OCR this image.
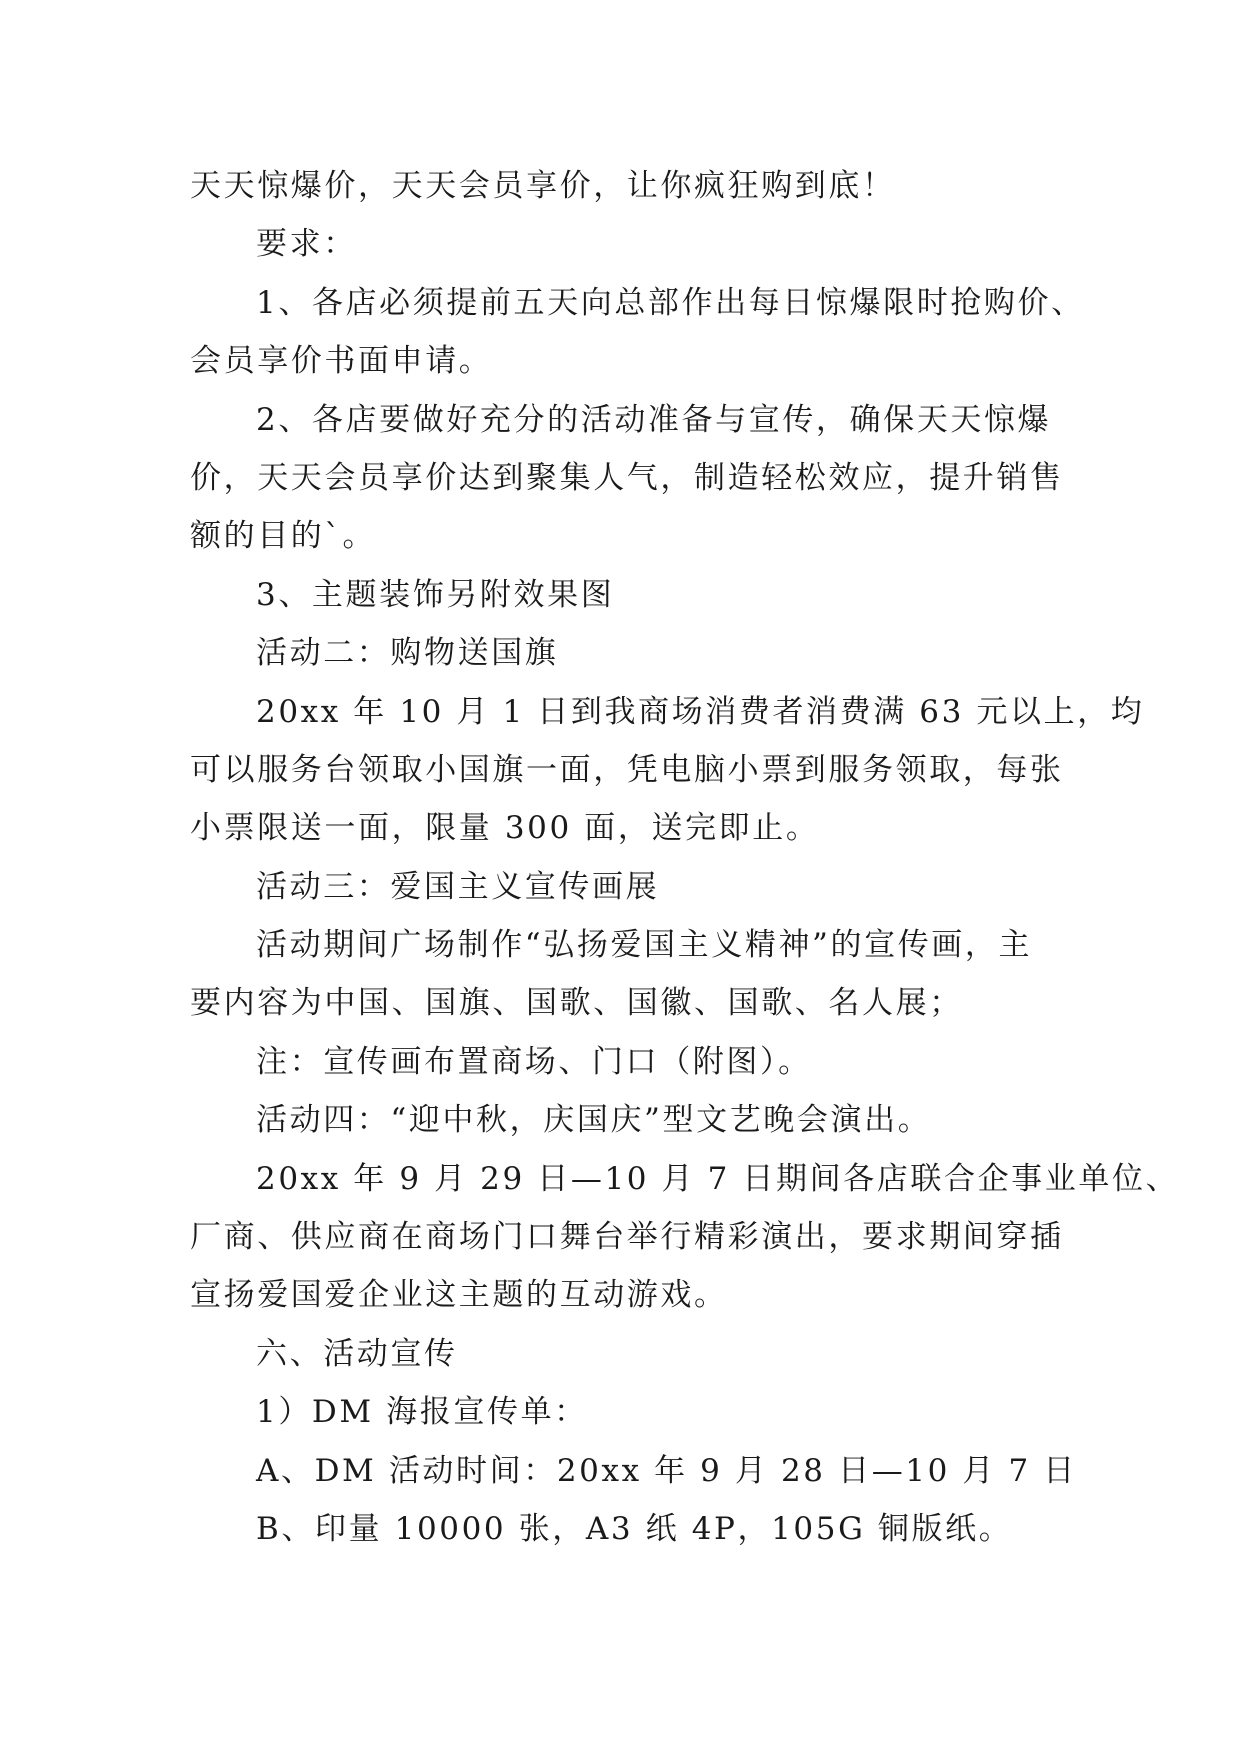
天天惊爆价，天天会员享价，让你疯狂购到底！
要求：
1、各店必须提前五天向总部作出每日惊爆限时抢购价、
会员享价书面申请。
2、各店要做好充分的活动准备与宣传，确保天天惊爆
价，天天会员享价达到聚集人气，制造轻松效应，提升销售
额的目的`。
3、主题装饰另附效果图
活动二：购物送国旗
20xx 年 10 月 1 日到我商场消费者消费满 63 元以上，均
可以服务台领取小国旗一面，凭电脑小票到服务领取，每张
小票限送一面，限量 300 面，送完即止。
活动三：爱国主义宣传画展
活动期间广场制作“弘扬爱国主义精神”的宣传画，主
要内容为中国、国旗、国歌、国徽、国歌、名人展；
注：宣传画布置商场、门口（附图）。
活动四：“迎中秋，庆国庆”型文艺晚会演出。
20xx 年 9 月 29 日—10 月 7 日期间各店联合企事业单位、
厂商、供应商在商场门口舞台举行精彩演出，要求期间穿插
宣扬爱国爱企业这主题的互动游戏。
六、活动宣传
1）DM 海报宣传单：
A、DM 活动时间：20xx 年 9 月 28 日—10 月 7 日
B、印量 10000 张，A3 纸 4P，105G 铜版纸。
